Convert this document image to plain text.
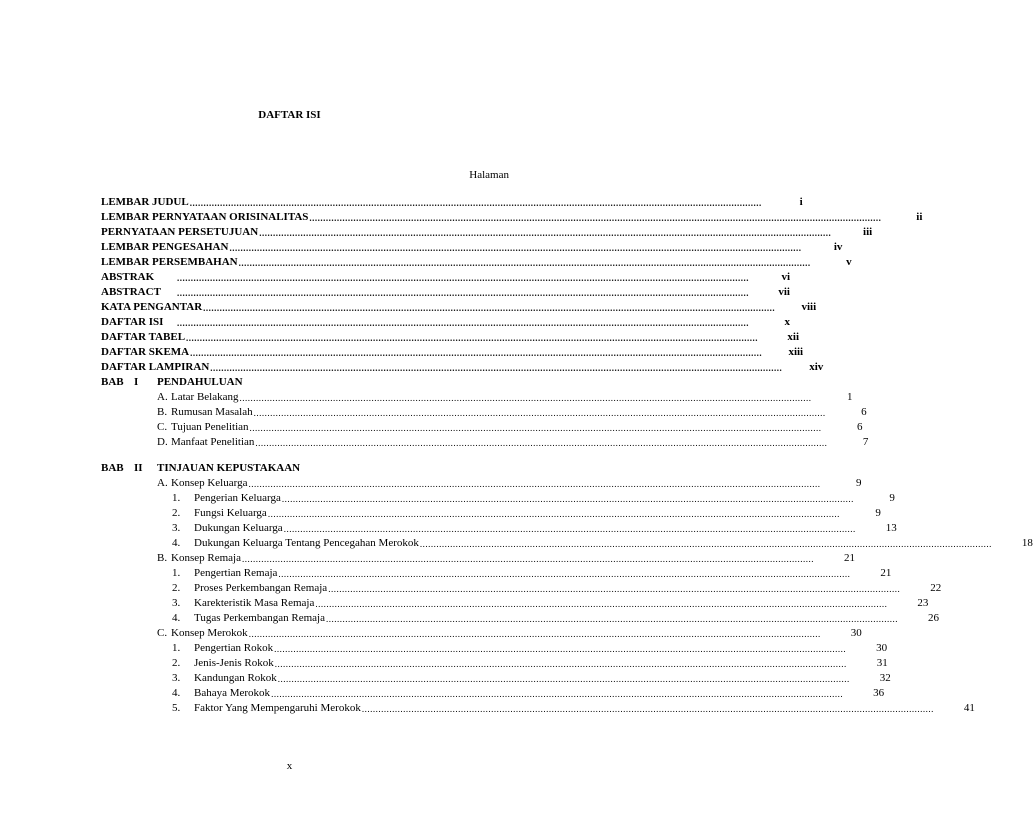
DAFTAR ISI
Halaman
LEMBAR JUDUL ................................................................................................................................................................................................................	i
LEMBAR PERNYATAAN ORISINALITAS ................................................................................................................................................................................................................	ii
PERNYATAAN PERSETUJUAN ................................................................................................................................................................................................................	iii
LEMBAR PENGESAHAN ................................................................................................................................................................................................................	iv
LEMBAR PERSEMBAHAN ................................................................................................................................................................................................................	v
ABSTRAK	................................................................................................................................................................................................................	vi
ABSTRACT	................................................................................................................................................................................................................	vii
KATA PENGANTAR ................................................................................................................................................................................................................	viii
DAFTAR ISI	................................................................................................................................................................................................................	x
DAFTAR TABEL ................................................................................................................................................................................................................	xii
DAFTAR SKEMA ................................................................................................................................................................................................................	xiii
DAFTAR LAMPIRAN ................................................................................................................................................................................................................	xiv
BAB I	PENDAHULUAN
A. Latar Belakang ................................................................................................................................................................................................................	1
B. Rumusan Masalah ................................................................................................................................................................................................................	6
C. Tujuan Penelitian ................................................................................................................................................................................................................	6
D. Manfaat Penelitian ................................................................................................................................................................................................................	7
BAB II	TINJAUAN KEPUSTAKAAN
A. Konsep Keluarga ................................................................................................................................................................................................................	9
1. Pengerian Keluarga ................................................................................................................................................................................................................	9
2. Fungsi Keluarga ................................................................................................................................................................................................................	9
3. Dukungan Keluarga ................................................................................................................................................................................................................	13
4. Dukungan Keluarga Tentang Pencegahan Merokok ................................................................................................................................................................................................................	18
B. Konsep Remaja ................................................................................................................................................................................................................	21
1. Pengertian Remaja ................................................................................................................................................................................................................	21
2. Proses Perkembangan Remaja ................................................................................................................................................................................................................	22
3. Karekteristik Masa Remaja ................................................................................................................................................................................................................	23
4. Tugas Perkembangan Remaja ................................................................................................................................................................................................................	26
C. Konsep Merokok ................................................................................................................................................................................................................	30
1. Pengertian Rokok ................................................................................................................................................................................................................	30
2. Jenis-Jenis Rokok ................................................................................................................................................................................................................	31
3. Kandungan Rokok ................................................................................................................................................................................................................	32
4. Bahaya Merokok ................................................................................................................................................................................................................	36
5. Faktor Yang Mempengaruhi Merokok ................................................................................................................................................................................................................	41
x
